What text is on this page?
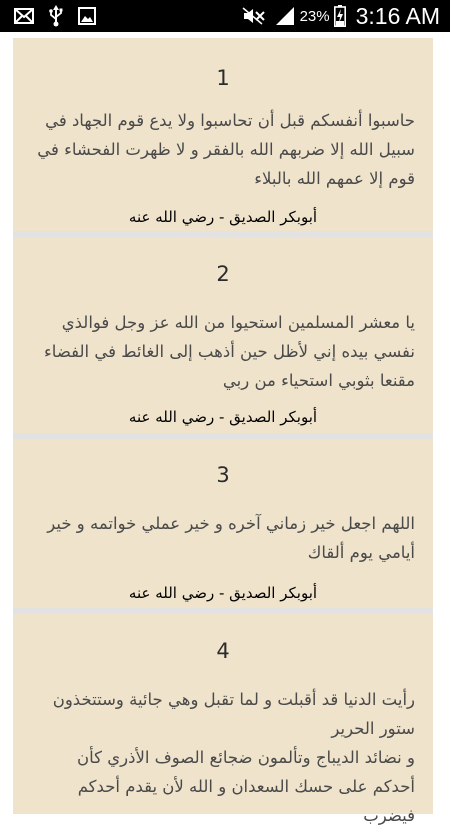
23% 3:16 AM
1
حاسبوا أنفسكم قبل أن تحاسبوا ولا يدع قوم الجهاد في
سبيل الله إلا ضربهم الله بالفقر و لا ظهرت الفحشاء في
قوم إلا عمهم الله بالبلاء
أبوبكر الصديق - رضي الله عنه
2
يا معشر المسلمين استحيوا من الله عز وجل فوالذي
نفسي بيده إني لأظل حين أذهب إلى الغائط في الفضاء
مقنعا بثوبي استحياء من ربي
أبوبكر الصديق - رضي الله عنه
3
اللهم اجعل خير زماني آخره و خير عملي خواتمه و خير
أيامي يوم ألقاك
أبوبكر الصديق - رضي الله عنه
4
رأيت الدنيا قد أقبلت و لما تقبل وهي جائية وستتخذون
ستور الحرير
و نضائد الديباج وتألمون ضجائع الصوف الأذري كأن
أحدكم على حسك السعدان و الله لأن يقدم أحدكم فيضرب
